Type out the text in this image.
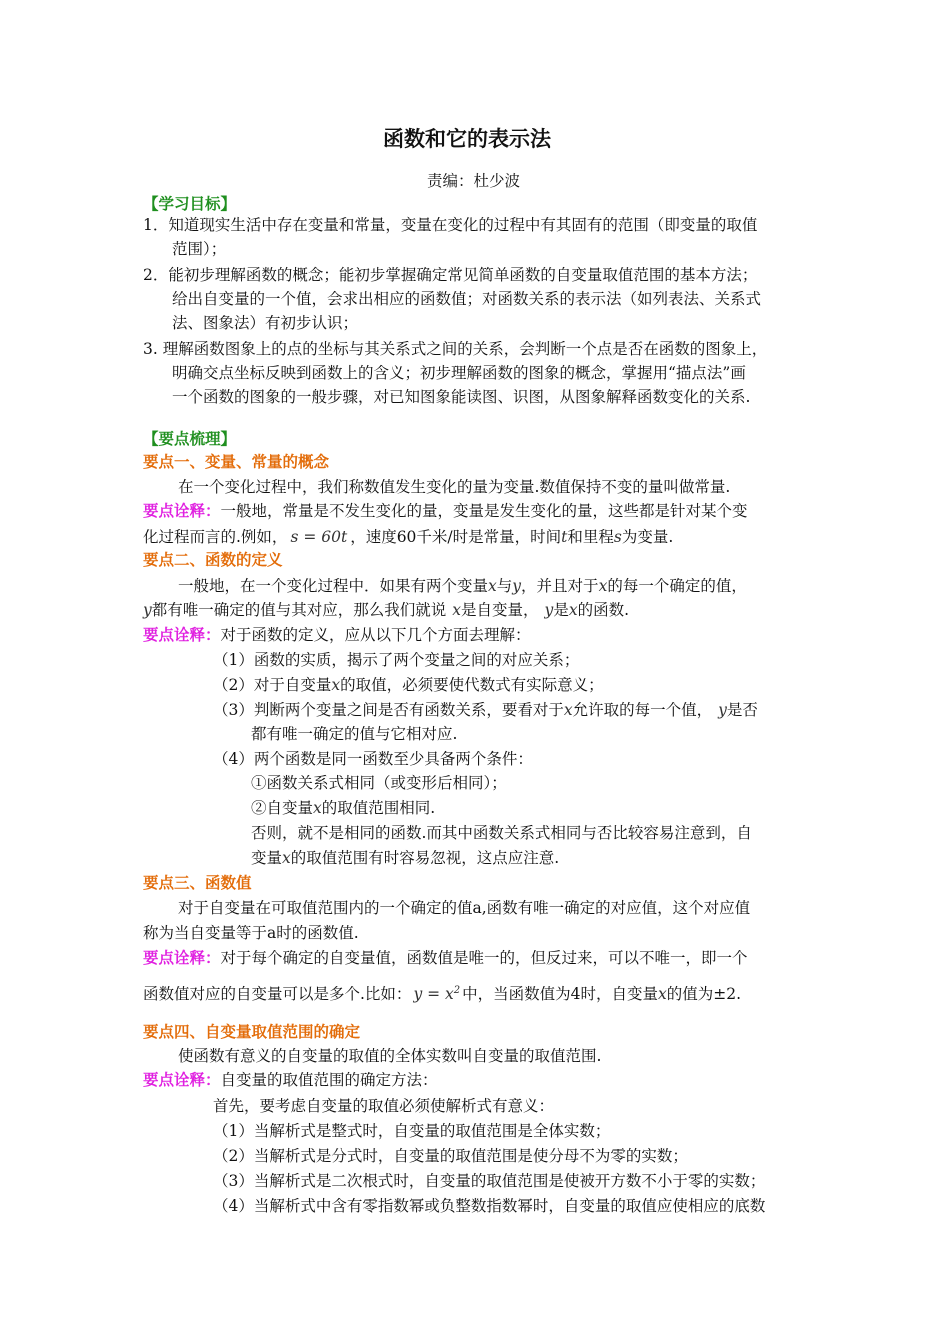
函数和它的表示法
责编：杜少波
【学习目标】
1．知道现实生活中存在变量和常量，变量在变化的过程中有其固有的范围（即变量的取值
范围）；
2．能初步理解函数的概念；能初步掌握确定常见简单函数的自变量取值范围的基本方法；
给出自变量的一个值，会求出相应的函数值；对函数关系的表示法（如列表法、关系式
法、图象法）有初步认识；
3. 理解函数图象上的点的坐标与其关系式之间的关系，会判断一个点是否在函数的图象上，
明确交点坐标反映到函数上的含义；初步理解函数的图象的概念，掌握用“描点法”画
一个函数的图象的一般步骤，对已知图象能读图、识图，从图象解释函数变化的关系.
【要点梳理】
要点一、变量、常量的概念
在一个变化过程中，我们称数值发生变化的量为变量.数值保持不变的量叫做常量.
要点诠释：一般地，常量是不发生变化的量，变量是发生变化的量，这些都是针对某个变
化过程而言的.例如， s = 60t ，速度60千米/时是常量，时间t和里程s为变量.
要点二、函数的定义
一般地，在一个变化过程中．如果有两个变量x与y，并且对于x的每一个确定的值，
y都有唯一确定的值与其对应，那么我们就说 x是自变量， y是x的函数.
要点诠释：对于函数的定义，应从以下几个方面去理解：
（1）函数的实质，揭示了两个变量之间的对应关系；
（2）对于自变量x的取值，必须要使代数式有实际意义；
（3）判断两个变量之间是否有函数关系，要看对于x允许取的每一个值， y是否
都有唯一确定的值与它相对应.
（4）两个函数是同一函数至少具备两个条件：
①函数关系式相同（或变形后相同）；
②自变量x的取值范围相同.
否则，就不是相同的函数.而其中函数关系式相同与否比较容易注意到，自
变量x的取值范围有时容易忽视，这点应注意.
要点三、函数值
对于自变量在可取值范围内的一个确定的值a,函数有唯一确定的对应值，这个对应值
称为当自变量等于a时的函数值.
要点诠释：对于每个确定的自变量值，函数值是唯一的，但反过来，可以不唯一，即一个
函数值对应的自变量可以是多个.比如： $y = x^2$ 中，当函数值为4时，自变量x的值为±2.
要点四、自变量取值范围的确定
使函数有意义的自变量的取值的全体实数叫自变量的取值范围.
要点诠释：自变量的取值范围的确定方法：
首先，要考虑自变量的取值必须使解析式有意义：
（1）当解析式是整式时，自变量的取值范围是全体实数；
（2）当解析式是分式时，自变量的取值范围是使分母不为零的实数；
（3）当解析式是二次根式时，自变量的取值范围是使被开方数不小于零的实数；
（4）当解析式中含有零指数幂或负整数指数幂时，自变量的取值应使相应的底数
